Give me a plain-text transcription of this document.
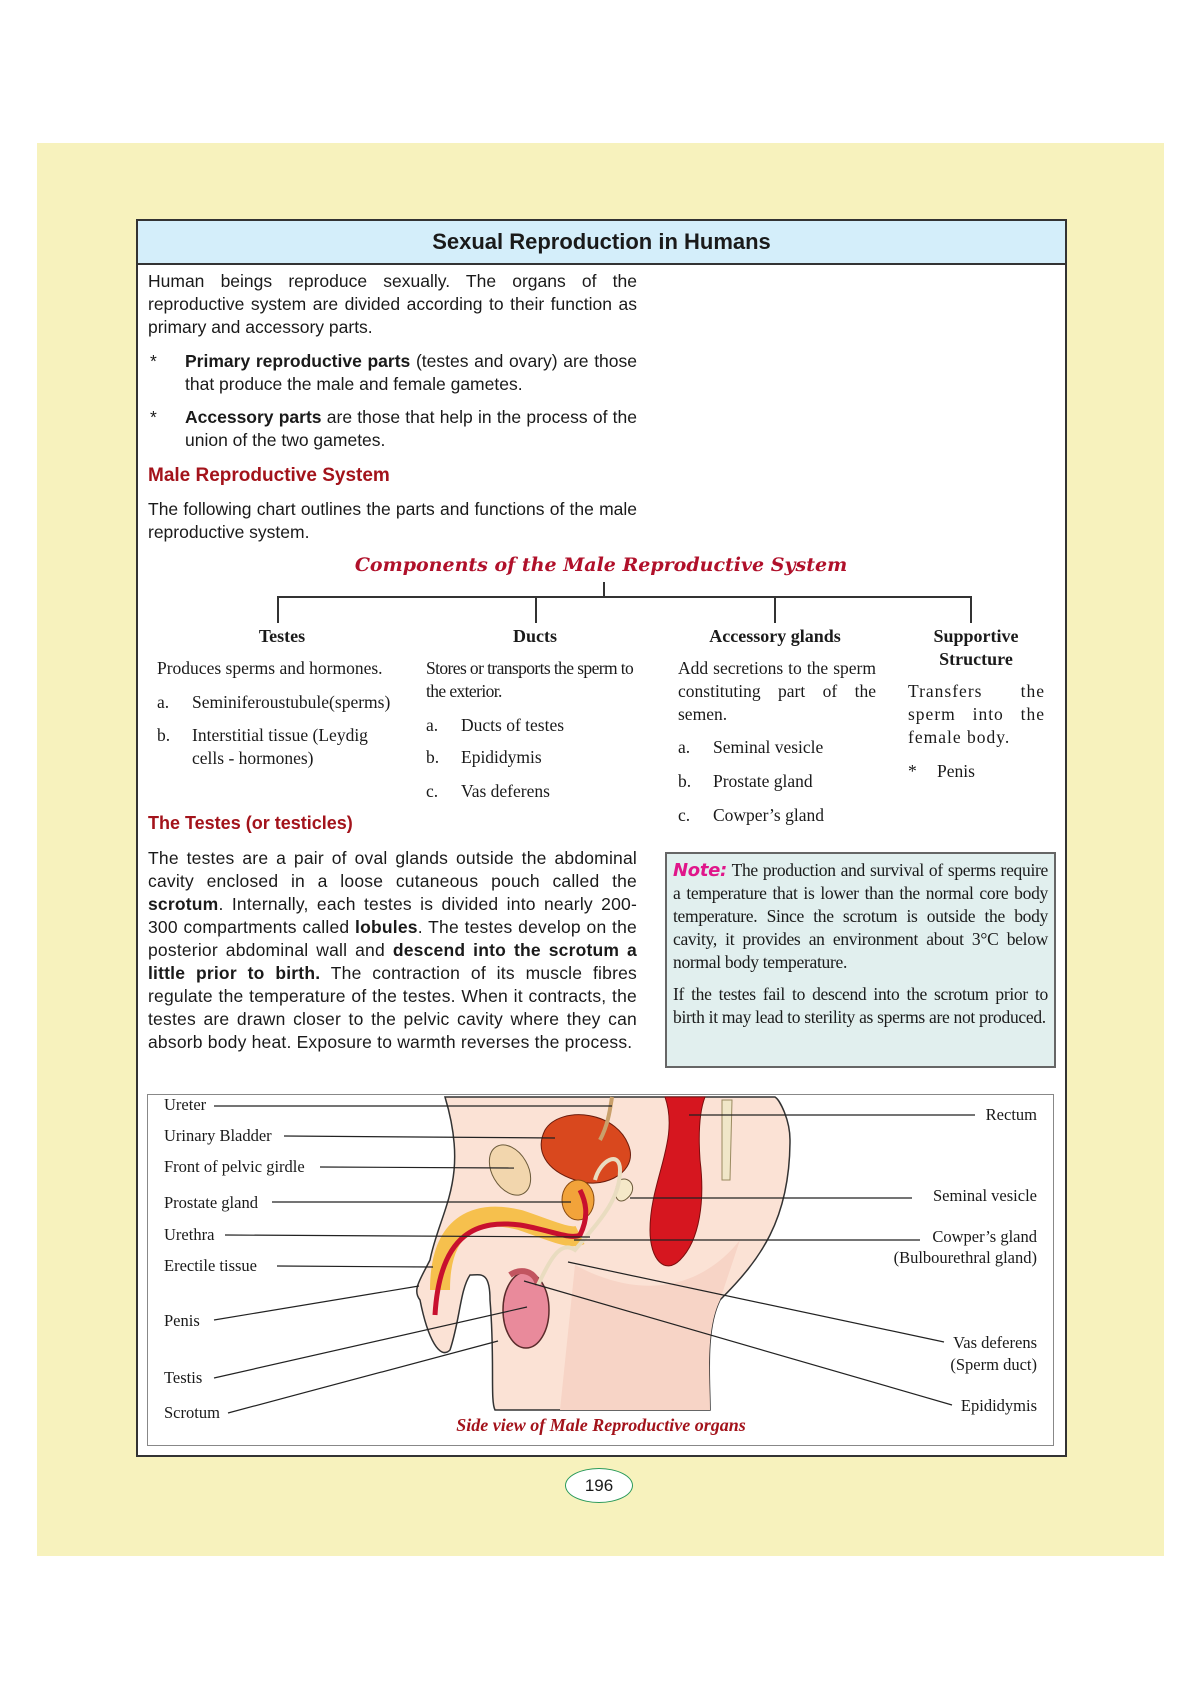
Sexual Reproduction in Humans
Human beings reproduce sexually. The organs of the reproductive system are divided according to their function as primary and accessory parts.
* Primary reproductive parts (testes and ovary) are those that produce the male and female gametes.
* Accessory parts are those that help in the process of the union of the two gametes.
Male Reproductive System
The following chart outlines the parts and functions of the male reproductive system.
Components of the Male Reproductive System
Testes
Produces sperms and hormones.
a. Seminiferoustubule(sperms)
b. Interstitial tissue (Leydig cells - hormones)
Ducts
Stores or transports the sperm to the exterior.
a. Ducts of testes
b. Epididymis
c. Vas deferens
Accessory glands
Add secretions to the sperm constituting part of the semen.
a. Seminal vesicle
b. Prostate gland
c. Cowper’s gland
Supportive Structure
Transfers the sperm into the female body.
* Penis
The Testes (or testicles)
The testes are a pair of oval glands outside the abdominal cavity enclosed in a loose cutaneous pouch called the scrotum. Internally, each testes is divided into nearly 200-300 compartments called lobules. The testes develop on the posterior abdominal wall and descend into the scrotum a little prior to birth. The contraction of its muscle fibres regulate the temperature of the testes. When it contracts, the testes are drawn closer to the pelvic cavity where they can absorb body heat. Exposure to warmth reverses the process.
Note: The production and survival of sperms require a temperature that is lower than the normal core body temperature. Since the scrotum is outside the body cavity, it provides an environment about 3°C below normal body temperature.
If the testes fail to descend into the scrotum prior to birth it may lead to sterility as sperms are not produced.
Ureter
Urinary Bladder
Front of pelvic girdle
Prostate gland
Urethra
Erectile tissue
Penis
Testis
Scrotum
Rectum
Seminal vesicle
Cowper’s gland
(Bulbourethral gland)
Vas deferens
(Sperm duct)
Epididymis
Side view of Male Reproductive organs
196
